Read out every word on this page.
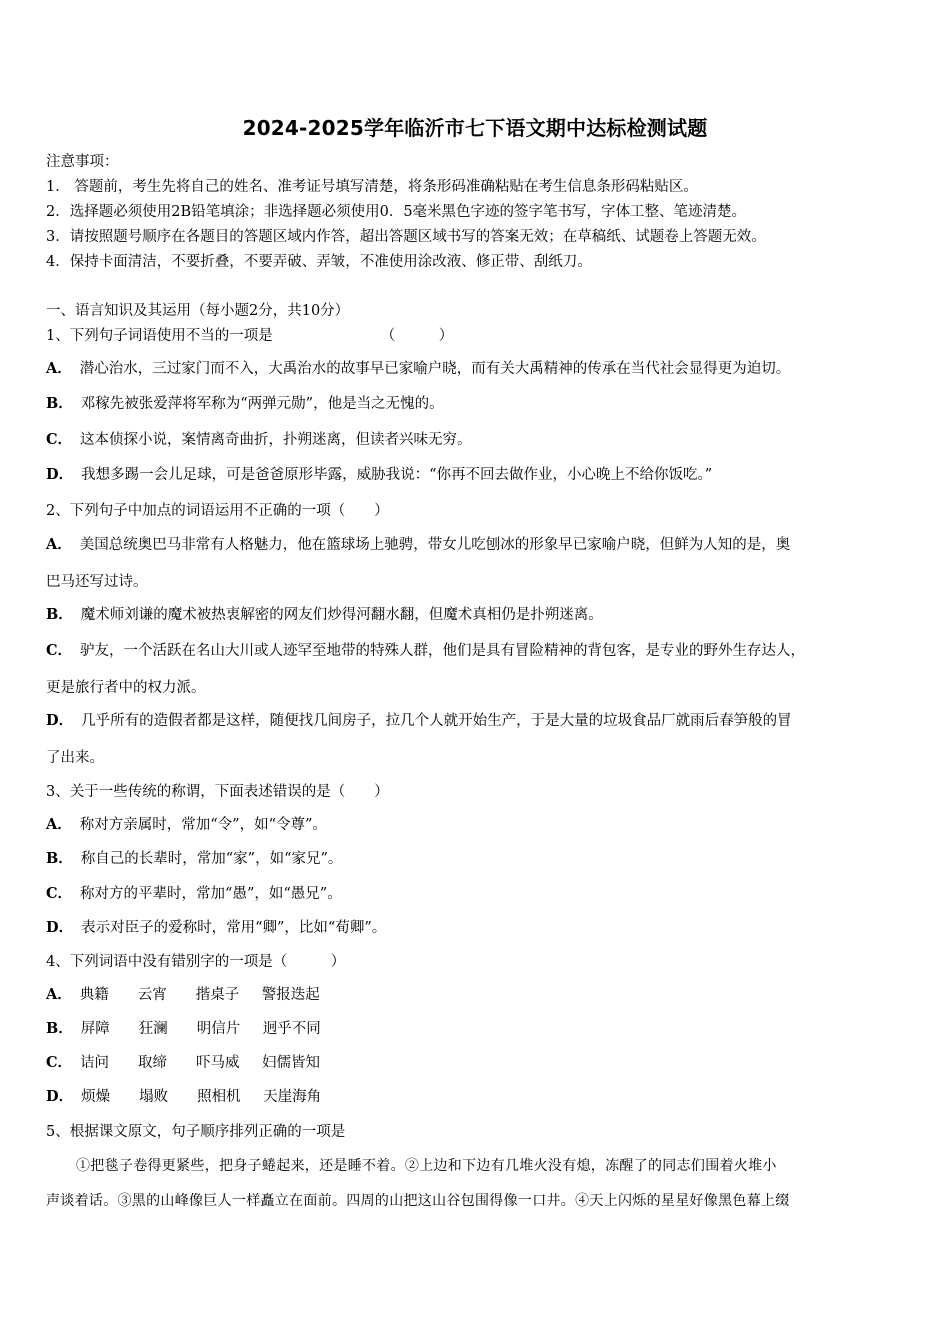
2024-2025学年临沂市七下语文期中达标检测试题
注意事项：
1． 答题前，考生先将自己的姓名、准考证号填写清楚，将条形码准确粘贴在考生信息条形码粘贴区。
2．选择题必须使用2B铅笔填涂；非选择题必须使用0．5毫米黑色字迹的签字笔书写，字体工整、笔迹清楚。
3．请按照题号顺序在各题目的答题区域内作答，超出答题区域书写的答案无效；在草稿纸、试题卷上答题无效。
4．保持卡面清洁，不要折叠，不要弄破、弄皱，不准使用涂改液、修正带、刮纸刀。
一、语言知识及其运用（每小题2分，共10分）
1、下列句子词语使用不当的一项是	（　　　）
A． 潜心治水，三过家门而不入，大禹治水的故事早已家喻户晓，而有关大禹精神的传承在当代社会显得更为迫切。
B． 邓稼先被张爱萍将军称为“两弹元勋”，他是当之无愧的。
C． 这本侦探小说，案情离奇曲折，扑朔迷离，但读者兴味无穷。
D． 我想多踢一会儿足球，可是爸爸原形毕露，威胁我说：“你再不回去做作业，小心晚上不给你饭吃。”
2、下列句子中加点的词语运用不正确的一项（　　）
A． 美国总统奥巴马非常有人格魅力，他在篮球场上驰骋，带女儿吃刨冰的形象早已家喻户晓，但鲜为人知的是，奥
巴马还写过诗。
B． 魔术师刘谦的魔术被热衷解密的网友们炒得河翻水翻，但魔术真相仍是扑朔迷离。
C． 驴友，一个活跃在名山大川或人迹罕至地带的特殊人群，他们是具有冒险精神的背包客，是专业的野外生存达人，
更是旅行者中的权力派。
D． 几乎所有的造假者都是这样，随便找几间房子，拉几个人就开始生产，于是大量的垃圾食品厂就雨后春笋般的冒
了出来。
3、关于一些传统的称谓，下面表述错误的是（　　）
A． 称对方亲属时，常加“令”，如“令尊”。
B． 称自己的长辈时，常加“家”，如“家兄”。
C． 称对方的平辈时，常加“愚”，如“愚兄”。
D． 表示对臣子的爱称时，常用“卿”，比如“荀卿”。
4、下列词语中没有错别字的一项是（　　　）
A． 典籍 云宵 揩桌子 警报迭起
B． 屏障 狂澜 明信片 迥乎不同
C． 诘问 取缔 吓马威 妇儒皆知
D． 烦燥 塌败 照相机 天崖海角
5、根据课文原文，句子顺序排列正确的一项是
①把毯子卷得更紧些，把身子蜷起来，还是睡不着。②上边和下边有几堆火没有熄，冻醒了的同志们围着火堆小
声谈着话。③黑的山峰像巨人一样矗立在面前。四周的山把这山谷包围得像一口井。④天上闪烁的星星好像黑色幕上缀
